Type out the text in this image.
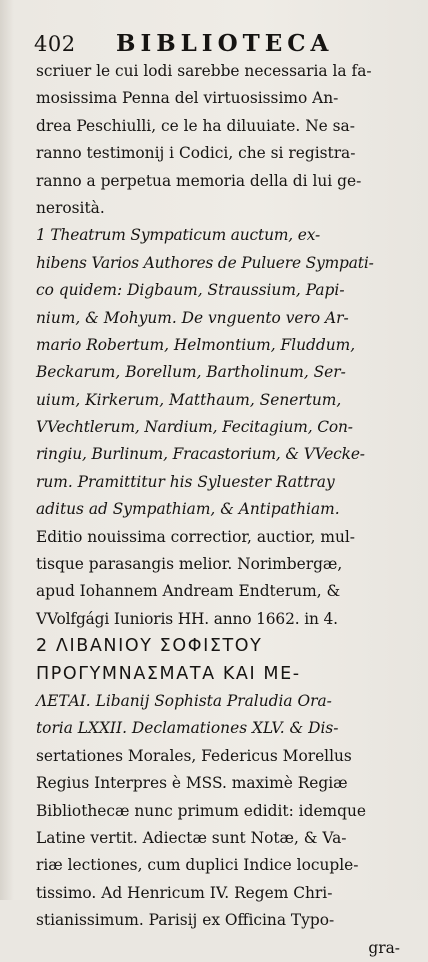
402 BIBLIOTECA
scriuer le cui lodi sarebbe necessaria la fa-
mosissima Penna del virtuosissimo An-
drea Peschiulli, ce le ha diluuiate. Ne sa-
ranno testimonij i Codici, che si registra-
ranno a perpetua memoria della di lui ge-
nerosità.
1 Theatrum Sympaticum auctum, ex-
hibens Varios Authores de Puluere Sympati-
co quidem: Digbaum, Straussium, Papi-
nium, & Mohyum. De vnguento vero Ar-
mario Robertum, Helmontium, Fluddum,
Beckarum, Borellum, Bartholinum, Ser-
uium, Kirkerum, Matthaum, Senertum,
VVechtlerum, Nardium, Fecitagium, Con-
ringiu, Burlinum, Fracastorium, & VVecke-
rum. Pramittitur his Syluester Rattray
aditus ad Sympathiam, & Antipathiam.
Editio nouissima correctior, auctior, mul-
tisque parasangis melior. Norimbergæ,
apud Iohannem Andream Endterum, &
VVolfgági Iunioris HH. anno 1662. in 4.
2 ΛΙΒΑΝΙΟΥ ΣΟΦΙΣΤΟΥ
ΠΡΟΓΥΜΝΑΣΜΑΤΑ ΚΑΙ ΜΕ-
ΛΕΤΑΙ. Libanij Sophista Praludia Ora-
toria LXXII. Declamationes XLV. & Dis-
sertationes Morales, Federicus Morellus
Regius Interpres è MSS. maximè Regiæ
Bibliothecæ nunc primum edidit: idemque
Latine vertit. Adiectæ sunt Notæ, & Va-
riæ lectiones, cum duplici Indice locuple-
tissimo. Ad Henricum IV. Regem Chri-
stianissimum. Parisij ex Officina Typo-
gra-
